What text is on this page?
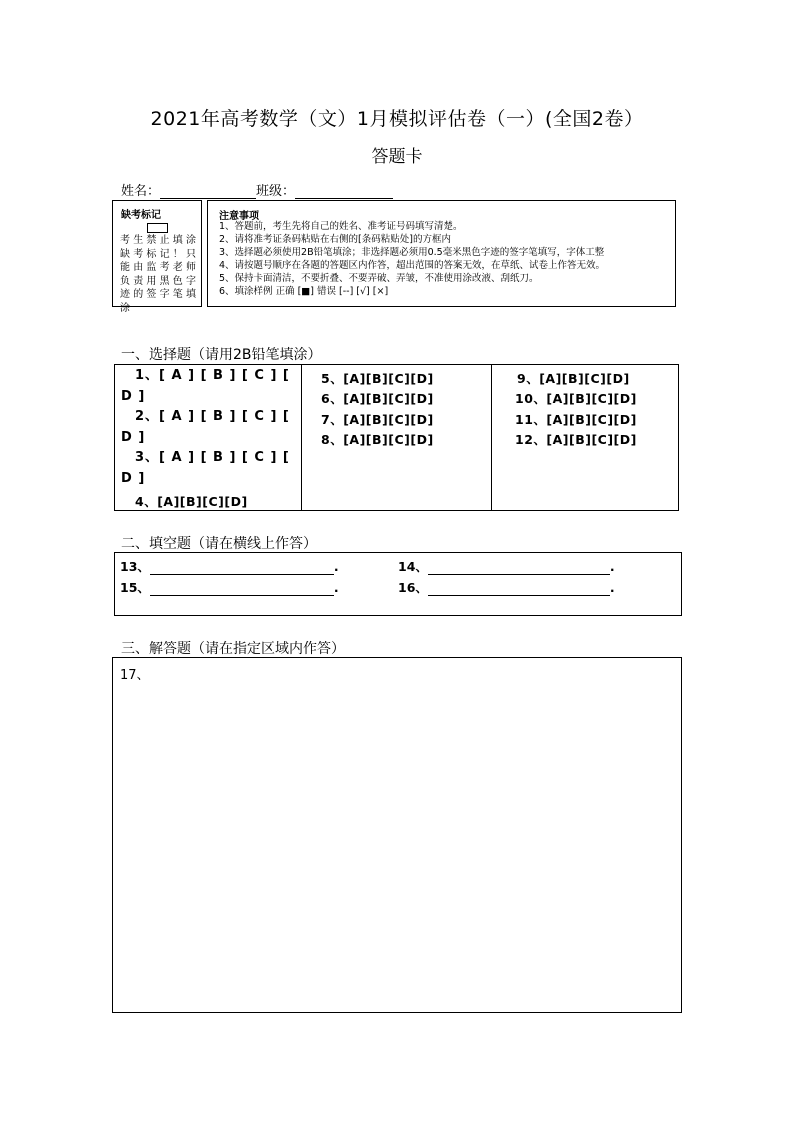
2021年高考数学（文）1月模拟评估卷（一）(全国2卷）
答题卡
姓名：	班级：
缺考标记
考生禁止填涂缺考标记！只能由监考老师负责用黑色字迹的签字笔填涂
注意事项
1、答题前，考生先将自己的姓名、准考证号码填写清楚。
2、请将准考证条码粘贴在右侧的[条码粘贴处]的方框内
3、选择题必须使用2B铅笔填涂；非选择题必须用0.5毫米黑色字迹的签字笔填写，字体工整
4、请按题号顺序在各题的答题区内作答，超出范围的答案无效，在草纸、试卷上作答无效。
5、保持卡面清洁，不要折叠、不要弄破、弄皱，不准使用涂改液、刮纸刀。
6、填涂样例 正确 [■] 错误 [--] [√] [×]
一、选择题（请用2B铅笔填涂）
1、[ A ] [ B ] [ C ] [ D ]
2、[ A ] [ B ] [ C ] [ D ]
3、[ A ] [ B ] [ C ] [ D ]
4、[A][B][C][D]
5、[A][B][C][D]
6、[A][B][C][D]
7、[A][B][C][D]
8、[A][B][C][D]
9、[A][B][C][D]
10、[A][B][C][D]
11、[A][B][C][D]
12、[A][B][C][D]
二、填空题（请在横线上作答）
13、	.	14、	.
15、	.	16、	.
三、解答题（请在指定区域内作答）
17、
